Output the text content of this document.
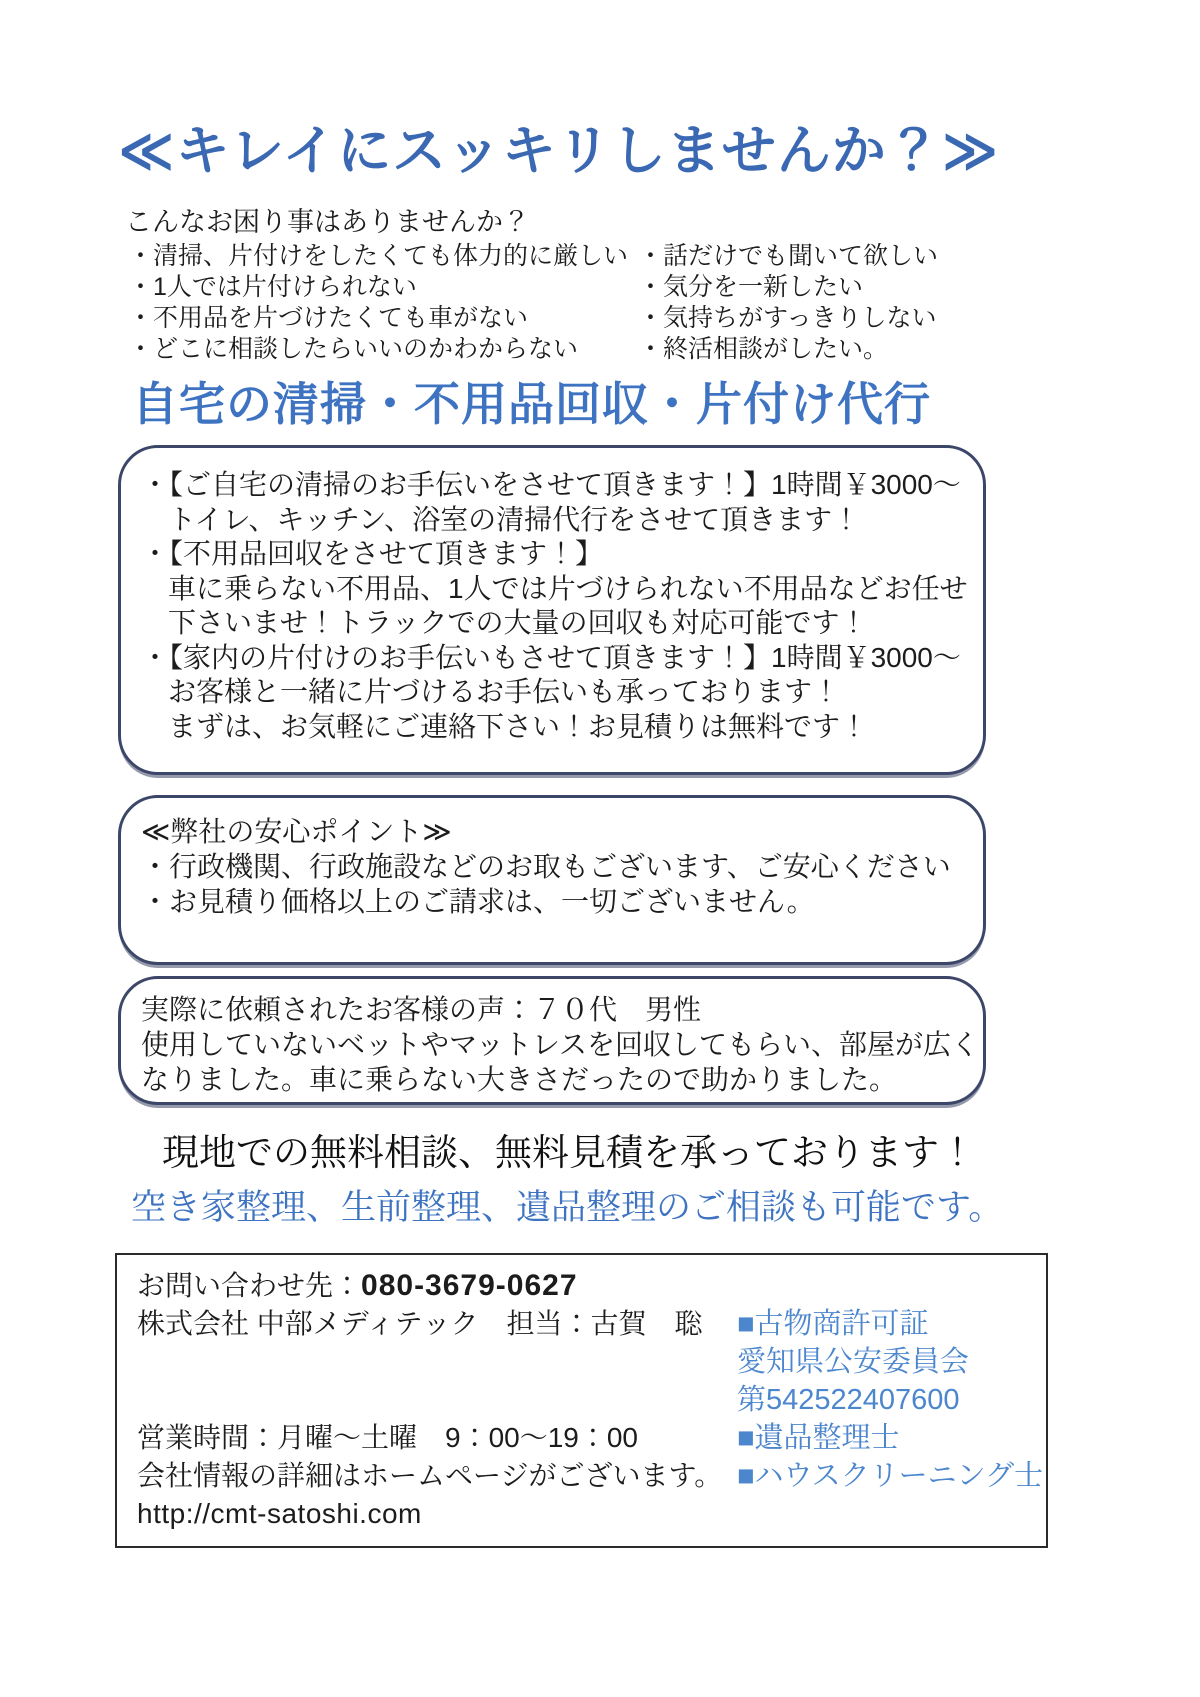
≪キレイにスッキリしませんか？≫
こんなお困り事はありませんか？
・清掃、片付けをしたくても体力的に厳しい
・1人では片付けられない
・不用品を片づけたくても車がない
・どこに相談したらいいのかわからない
・話だけでも聞いて欲しい
・気分を一新したい
・気持ちがすっきりしない
・終活相談がしたい。
自宅の清掃・不用品回収・片付け代行

・【ご自宅の清掃のお手伝いをさせて頂きます！】1時間￥3000～

トイレ、キッチン、浴室の清掃代行をさせて頂きます！

・【不用品回収をさせて頂きます！】

車に乗らない不用品、1人では片づけられない不用品などお任せ

下さいませ！トラックでの大量の回収も対応可能です！

・【家内の片付けのお手伝いもさせて頂きます！】1時間￥3000～

お客様と一緒に片づけるお手伝いも承っております！

まずは、お気軽にご連絡下さい！お見積りは無料です！

≪弊社の安心ポイント≫

・行政機関、行政施設などのお取もございます、ご安心ください

・お見積り価格以上のご請求は、一切ございません。

実際に依頼されたお客様の声：７０代　男性

使用していないベットやマットレスを回収してもらい、部屋が広く

なりました。車に乗らない大きさだったので助かりました。

現地での無料相談、無料見積を承っております！
空き家整理、生前整理、遺品整理のご相談も可能です。
お問い合わせ先：080-3679-0627
株式会社 中部メディテック　担当：古賀　聡	■古物商許可証
愛知県公安委員会
第542522407600
営業時間：月曜～土曜　9：00～19：00	■遺品整理士
会社情報の詳細はホームページがございます。 ■ハウスクリーニング士
http://cmt-satoshi.com
